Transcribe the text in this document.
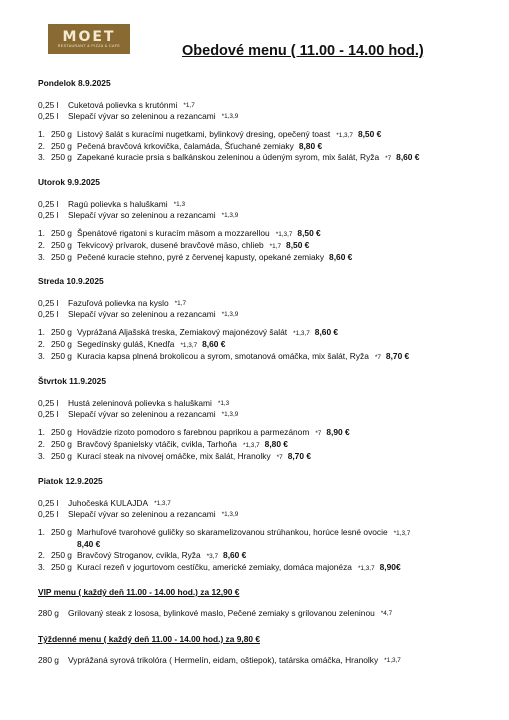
MOET
RESTAURANT & PIZZA & CAFE	Obedové menu ( 11.00 - 14.00 hod.)
Pondelok 8.9.2025
0,25 l	Cuketová polievka s krutónmi *1,7
0,25 l	Slepačí vývar so zeleninou a rezancami *1,3,9
1. 250 g Listový šalát s kuracími nugetkami, bylinkový dresing, opečený toast *1,3,7 8,50 €
2. 250 g Pečená bravčová krkovička, čalamáda, Šťuchané zemiaky 8,80 €
3. 250 g Zapekané kuracie prsia s balkánskou zeleninou a údeným syrom, mix šalát, Ryža *7 8,60 €
Utorok 9.9.2025
0,25 l	Ragú polievka s haluškami *1,3
0,25 l	Slepačí vývar so zeleninou a rezancami *1,3,9
1. 250 g Špenátové rigatoni s kuracím mäsom a mozzarellou *1,3,7 8,50 €
2. 250 g Tekvicový prívarok, dusené bravčové mäso, chlieb *1,7 8,50 €
3. 250 g Pečené kuracie stehno, pyré z červenej kapusty, opekané zemiaky 8,60 €
Streda 10.9.2025
0,25 l	Fazuľová polievka na kyslo *1,7
0,25 l	Slepačí vývar so zeleninou a rezancami *1,3,9
1. 250 g Vyprážaná Aljašská treska, Zemiakový majonézový šalát *1,3,7 8,60 €
2. 250 g Segedínsky guláš, Knedľa *1,3,7 8,60 €
3. 250 g Kuracia kapsa plnená brokolicou a syrom, smotanová omáčka, mix šalát, Ryža *7 8,70 €
Štvrtok 11.9.2025
0,25 l	Hustá zeleninová polievka s haluškami *1,3
0,25 l	Slepačí vývar so zeleninou a rezancami *1,3,9
1. 250 g Hovädzie rizoto pomodoro s farebnou paprikou a parmezánom *7 8,90 €
2. 250 g Bravčový španielsky vtáčik, cvikla, Tarhoňa *1,3,7 8,80 €
3. 250 g Kurací steak na nivovej omáčke, mix šalát, Hranolky *7 8,70 €
Piatok 12.9.2025
0,25 l	Juhočeská KULAJDA *1,3,7
0,25 l	Slepačí vývar so zeleninou a rezancami *1,3,9
1. 250 g Marhuľové tvarohové guličky so skaramelizovanou strúhankou, horúce lesné ovocie *1,3,7
8,40 €
2. 250 g Bravčový Stroganov, cvikla, Ryža *3,7 8,60 €
3. 250 g Kurací rezeň v jogurtovom cestíčku, americké zemiaky, domáca majonéza *1,3,7 8,90€
VIP menu ( každý deň 11.00 - 14.00 hod.) za 12,90 €
280 g	Grilovaný steak z lososa, bylinkové maslo, Pečené zemiaky s grilovanou zeleninou *4,7
Týždenné menu ( každý deň 11.00 - 14.00 hod.) za 9,80 €
280 g	Vyprážaná syrová trikolóra ( Hermelín, eidam, oštiepok), tatárska omáčka, Hranolky *1,3,7
